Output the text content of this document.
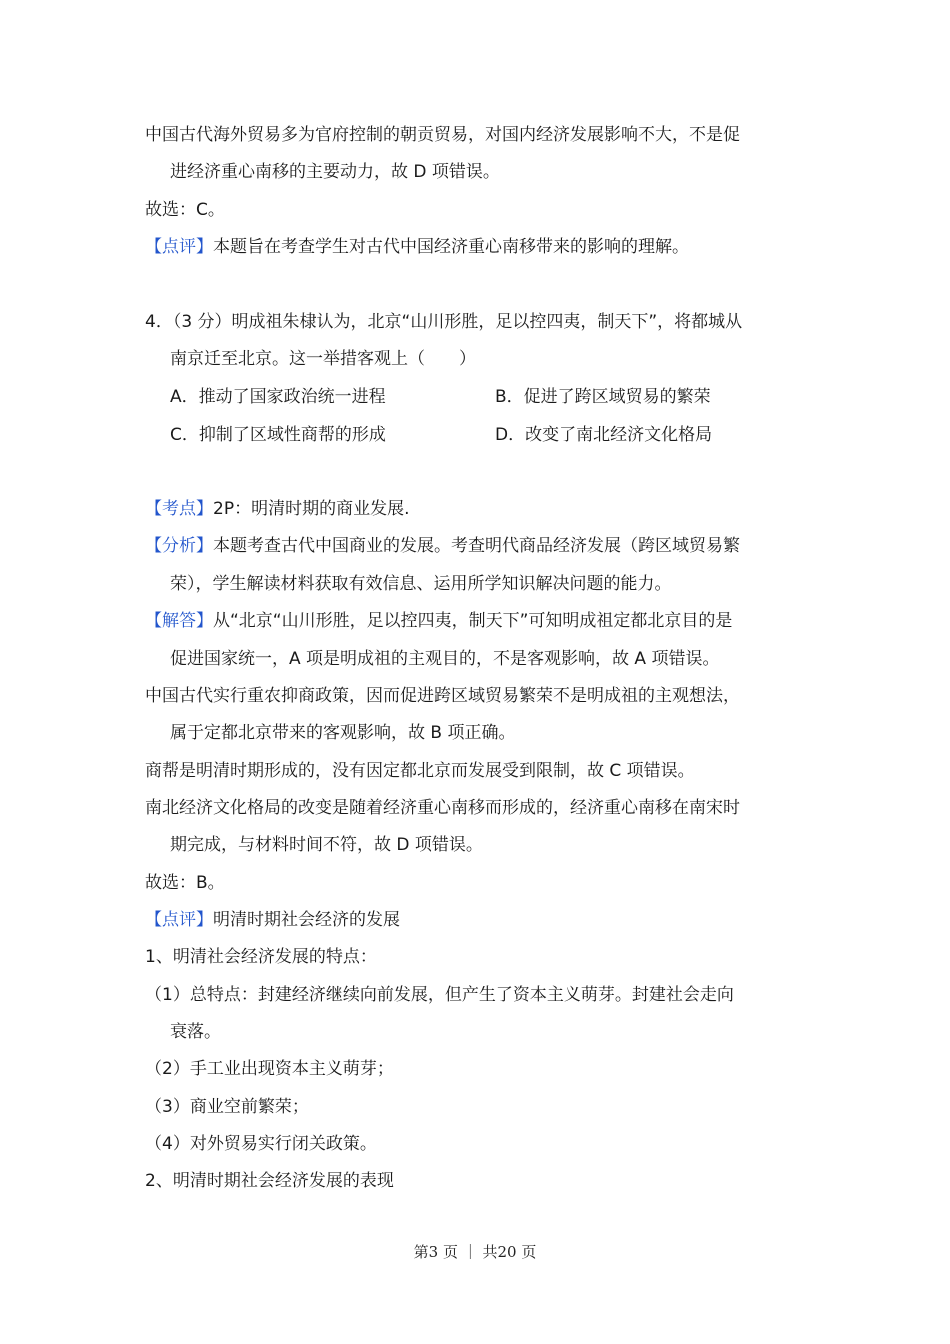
中国古代海外贸易多为官府控制的朝贡贸易，对国内经济发展影响不大，不是促
进经济重心南移的主要动力，故 D 项错误。
故选：C。
【点评】本题旨在考查学生对古代中国经济重心南移带来的影响的理解。
4．（3 分）明成祖朱棣认为，北京“山川形胜，足以控四夷，制天下”，将都城从
南京迁至北京。这一举措客观上（　　）
A．推动了国家政治统一进程	B．促进了跨区域贸易的繁荣
C．抑制了区域性商帮的形成	D．改变了南北经济文化格局
【考点】2P：明清时期的商业发展.
【分析】本题考查古代中国商业的发展。考查明代商品经济发展（跨区域贸易繁
荣），学生解读材料获取有效信息、运用所学知识解决问题的能力。
【解答】从“北京“山川形胜，足以控四夷，制天下”可知明成祖定都北京目的是
促进国家统一，A 项是明成祖的主观目的，不是客观影响，故 A 项错误。
中国古代实行重农抑商政策，因而促进跨区域贸易繁荣不是明成祖的主观想法，
属于定都北京带来的客观影响，故 B 项正确。
商帮是明清时期形成的，没有因定都北京而发展受到限制，故 C 项错误。
南北经济文化格局的改变是随着经济重心南移而形成的，经济重心南移在南宋时
期完成，与材料时间不符，故 D 项错误。
故选：B。
【点评】明清时期社会经济的发展
1、明清社会经济发展的特点：
（1）总特点：封建经济继续向前发展，但产生了资本主义萌芽。封建社会走向
衰落。
（2）手工业出现资本主义萌芽；
（3）商业空前繁荣；
（4）对外贸易实行闭关政策。
2、明清时期社会经济发展的表现
第3 页 ｜ 共20 页
